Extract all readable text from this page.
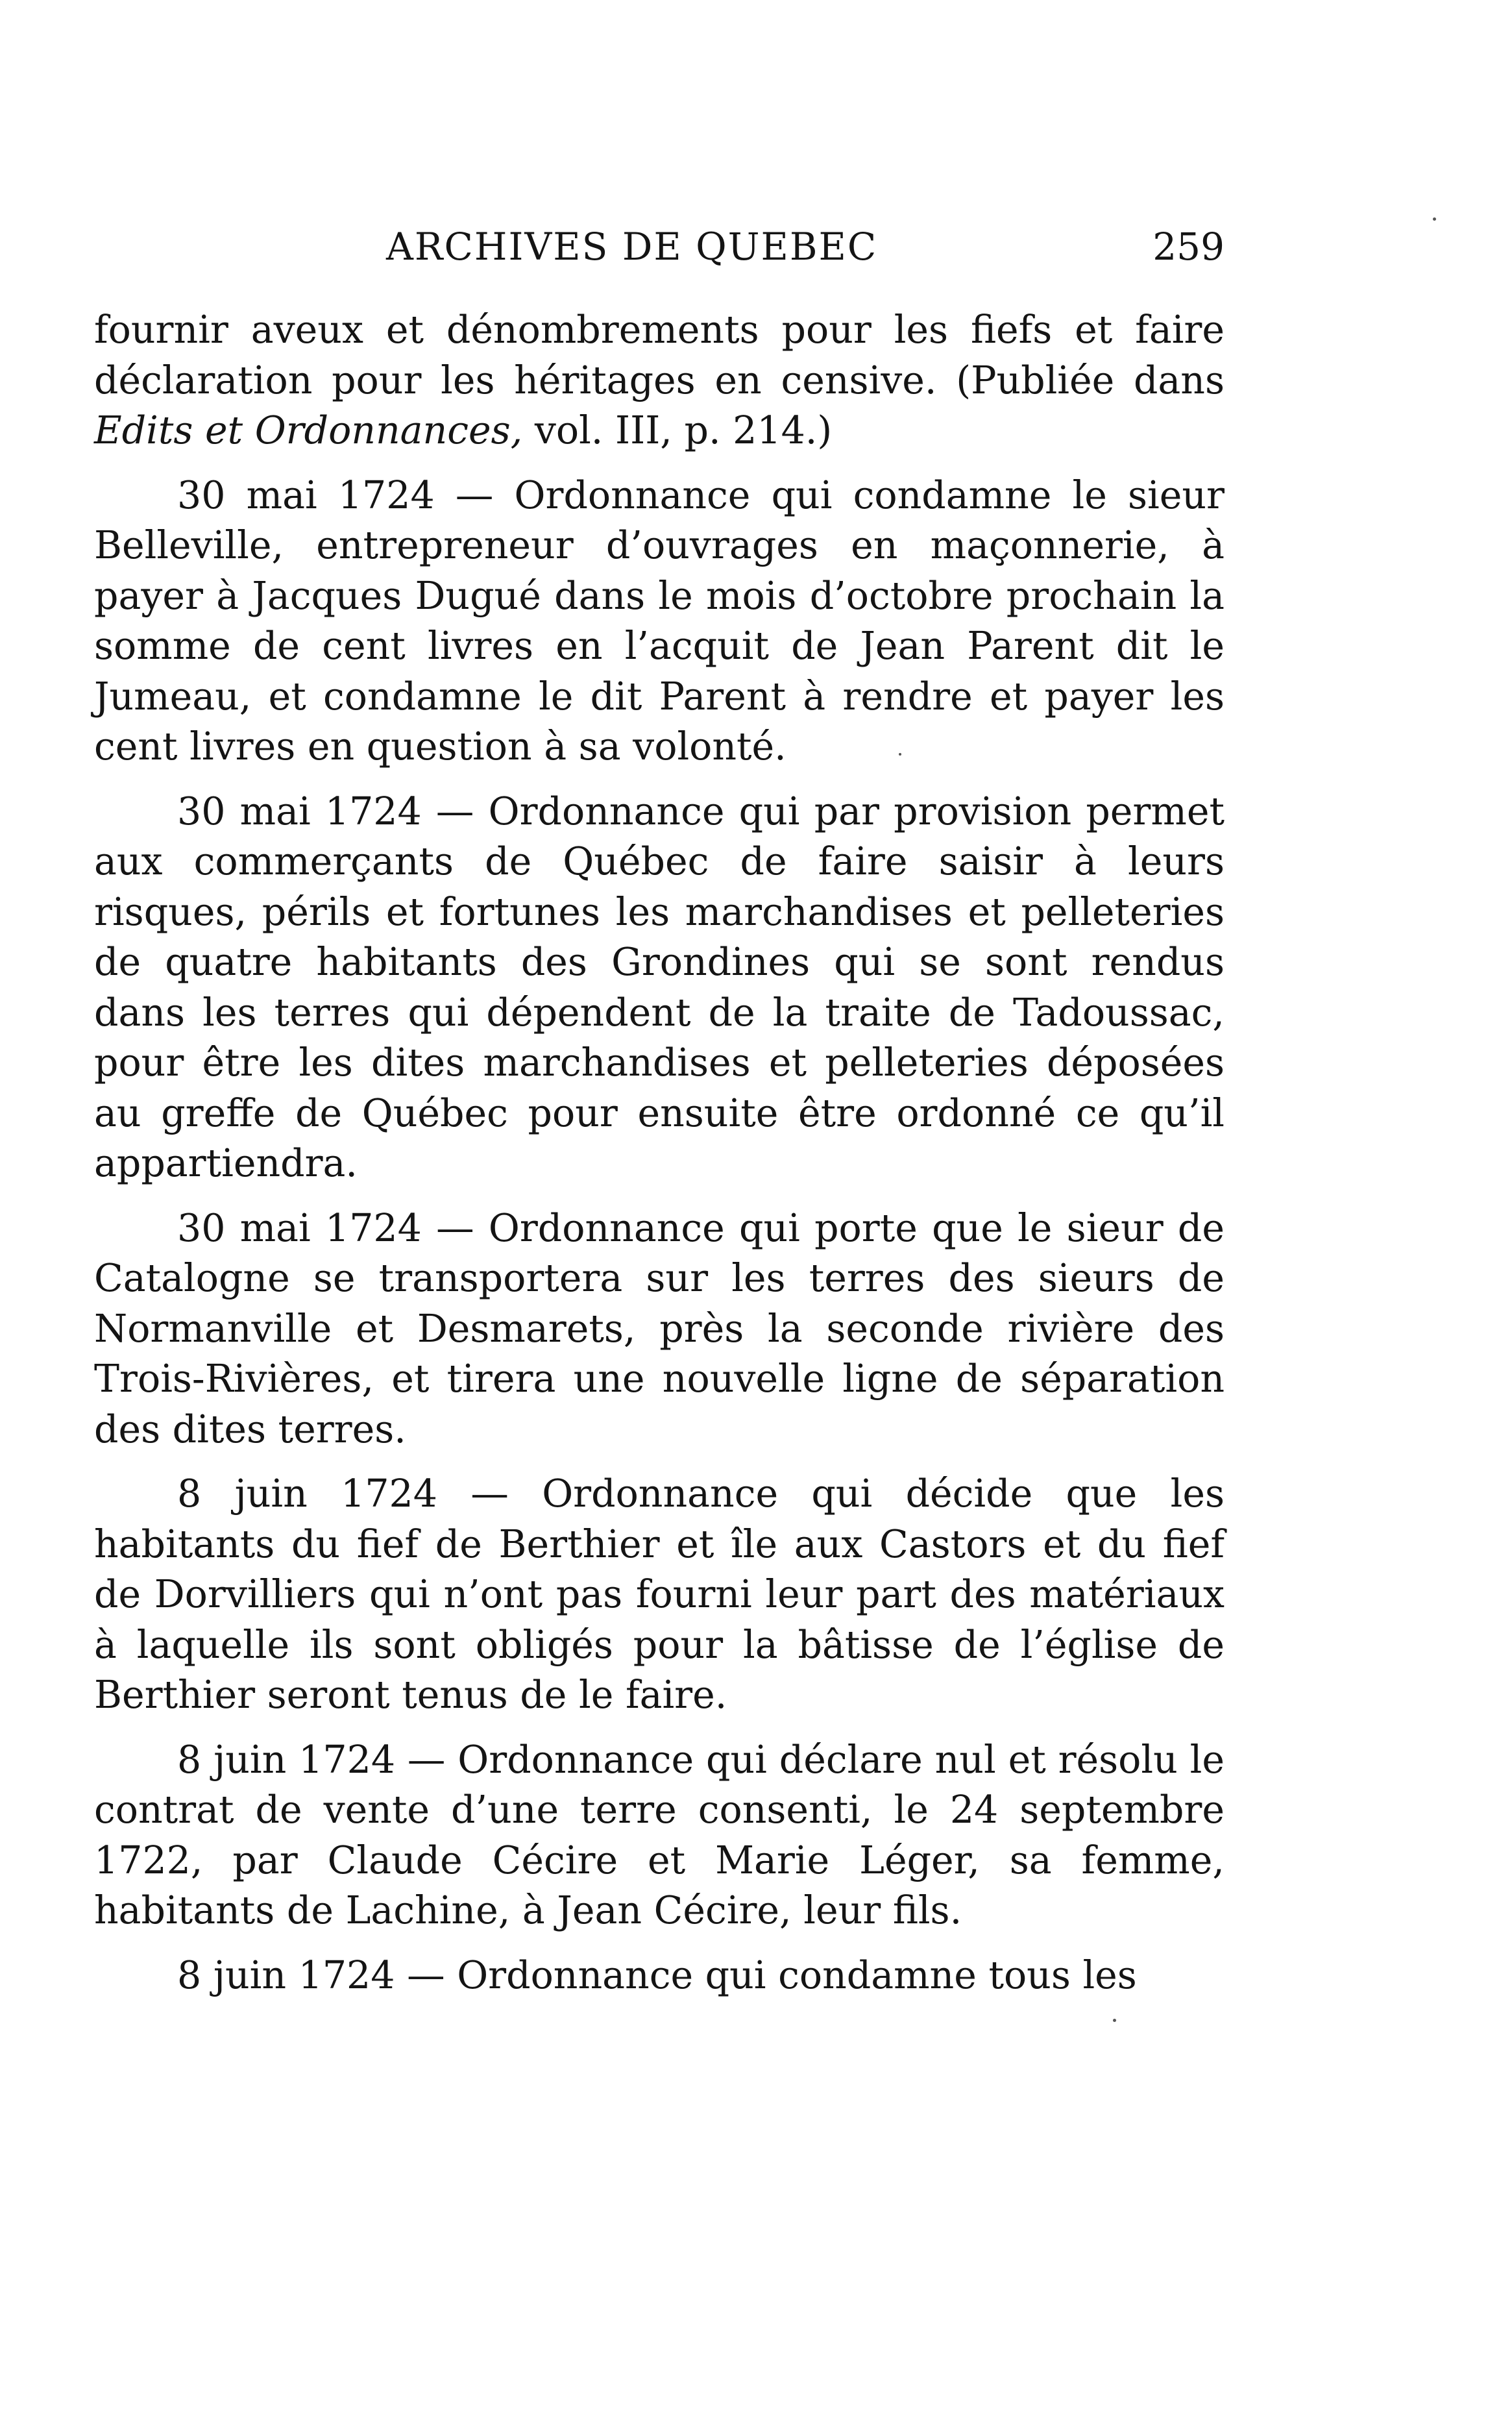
ARCHIVES DE QUEBEC	259

fournir aveux et dénombrements pour les fiefs et faire déclaration pour les héritages en censive. (Publiée dans Edits et Ordonnances, vol. III, p. 214.)

30 mai 1724 — Ordonnance qui condamne le sieur Belleville, entrepreneur d’ouvrages en maçonnerie, à payer à Jacques Dugué dans le mois d’octobre prochain la somme de cent livres en l’acquit de Jean Parent dit le Jumeau, et condamne le dit Parent à rendre et payer les cent livres en question à sa volonté.

30 mai 1724 — Ordonnance qui par provision permet aux commerçants de Québec de faire saisir à leurs risques, périls et fortunes les marchandises et pelleteries de quatre habitants des Grondines qui se sont rendus dans les terres qui dépendent de la traite de Tadoussac, pour être les dites marchandises et pelleteries déposées au greffe de Québec pour ensuite être ordonné ce qu’il appartiendra.

30 mai 1724 — Ordonnance qui porte que le sieur de Catalogne se transportera sur les terres des sieurs de Normanville et Desmarets, près la seconde rivière des Trois-Rivières, et tirera une nouvelle ligne de séparation des dites terres.

8 juin 1724 — Ordonnance qui décide que les habitants du fief de Berthier et île aux Castors et du fief de Dorvilliers qui n’ont pas fourni leur part des matériaux à laquelle ils sont obligés pour la bâtisse de l’église de Berthier seront tenus de le faire.

8 juin 1724 — Ordonnance qui déclare nul et résolu le contrat de vente d’une terre consenti, le 24 septembre 1722, par Claude Cécire et Marie Léger, sa femme, habitants de Lachine, à Jean Cécire, leur fils.

8 juin 1724 — Ordonnance qui condamne tous les
